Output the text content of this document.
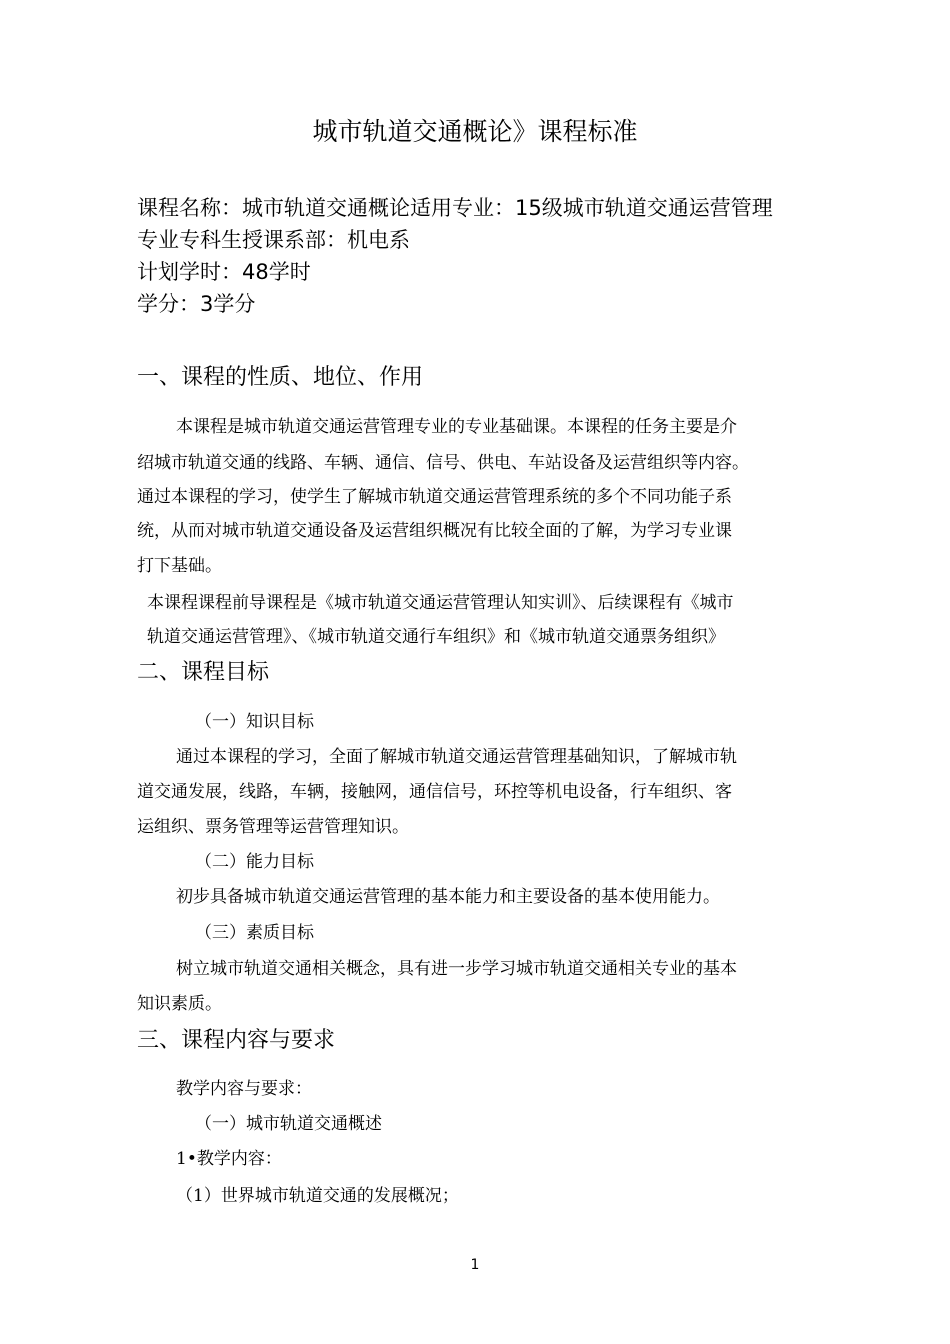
城市轨道交通概论》课程标准
课程名称：城市轨道交通概论适用专业：15级城市轨道交通运营管理
专业专科生授课系部：机电系
计划学时：48学时
学分：3学分
一、课程的性质、地位、作用
本课程是城市轨道交通运营管理专业的专业基础课。本课程的任务主要是介
绍城市轨道交通的线路、车辆、通信、信号、供电、车站设备及运营组织等内容。
通过本课程的学习，使学生了解城市轨道交通运营管理系统的多个不同功能子系
统，从而对城市轨道交通设备及运营组织概况有比较全面的了解，为学习专业课
打下基础。
本课程课程前导课程是《城市轨道交通运营管理认知实训》、后续课程有《城市
轨道交通运营管理》、《城市轨道交通行车组织》和《城市轨道交通票务组织》
二、课程目标
（一）知识目标
通过本课程的学习，全面了解城市轨道交通运营管理基础知识，了解城市轨
道交通发展，线路，车辆，接触网，通信信号，环控等机电设备，行车组织、客
运组织、票务管理等运营管理知识。
（二）能力目标
初步具备城市轨道交通运营管理的基本能力和主要设备的基本使用能力。
（三）素质目标
树立城市轨道交通相关概念，具有进一步学习城市轨道交通相关专业的基本
知识素质。
三、课程内容与要求
教学内容与要求：
（一）城市轨道交通概述
1•教学内容：
（1）世界城市轨道交通的发展概况；
1
